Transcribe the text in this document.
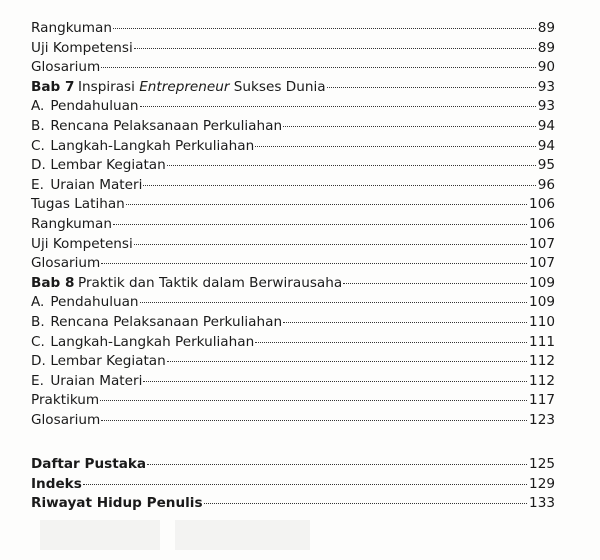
Rangkuman	89
Uji Kompetensi	89
Glosarium	90
Bab 7 Inspirasi Entrepreneur Sukses Dunia	93
A. Pendahuluan	93
B. Rencana Pelaksanaan Perkuliahan	94
C. Langkah-Langkah Perkuliahan	94
D. Lembar Kegiatan	95
E. Uraian Materi	96
Tugas Latihan	106
Rangkuman	106
Uji Kompetensi	107
Glosarium	107
Bab 8 Praktik dan Taktik dalam Berwirausaha	109
A. Pendahuluan	109
B. Rencana Pelaksanaan Perkuliahan	110
C. Langkah-Langkah Perkuliahan	111
D. Lembar Kegiatan	112
E. Uraian Materi	112
Praktikum	117
Glosarium	123
Daftar Pustaka	125
Indeks	129
Riwayat Hidup Penulis	133
